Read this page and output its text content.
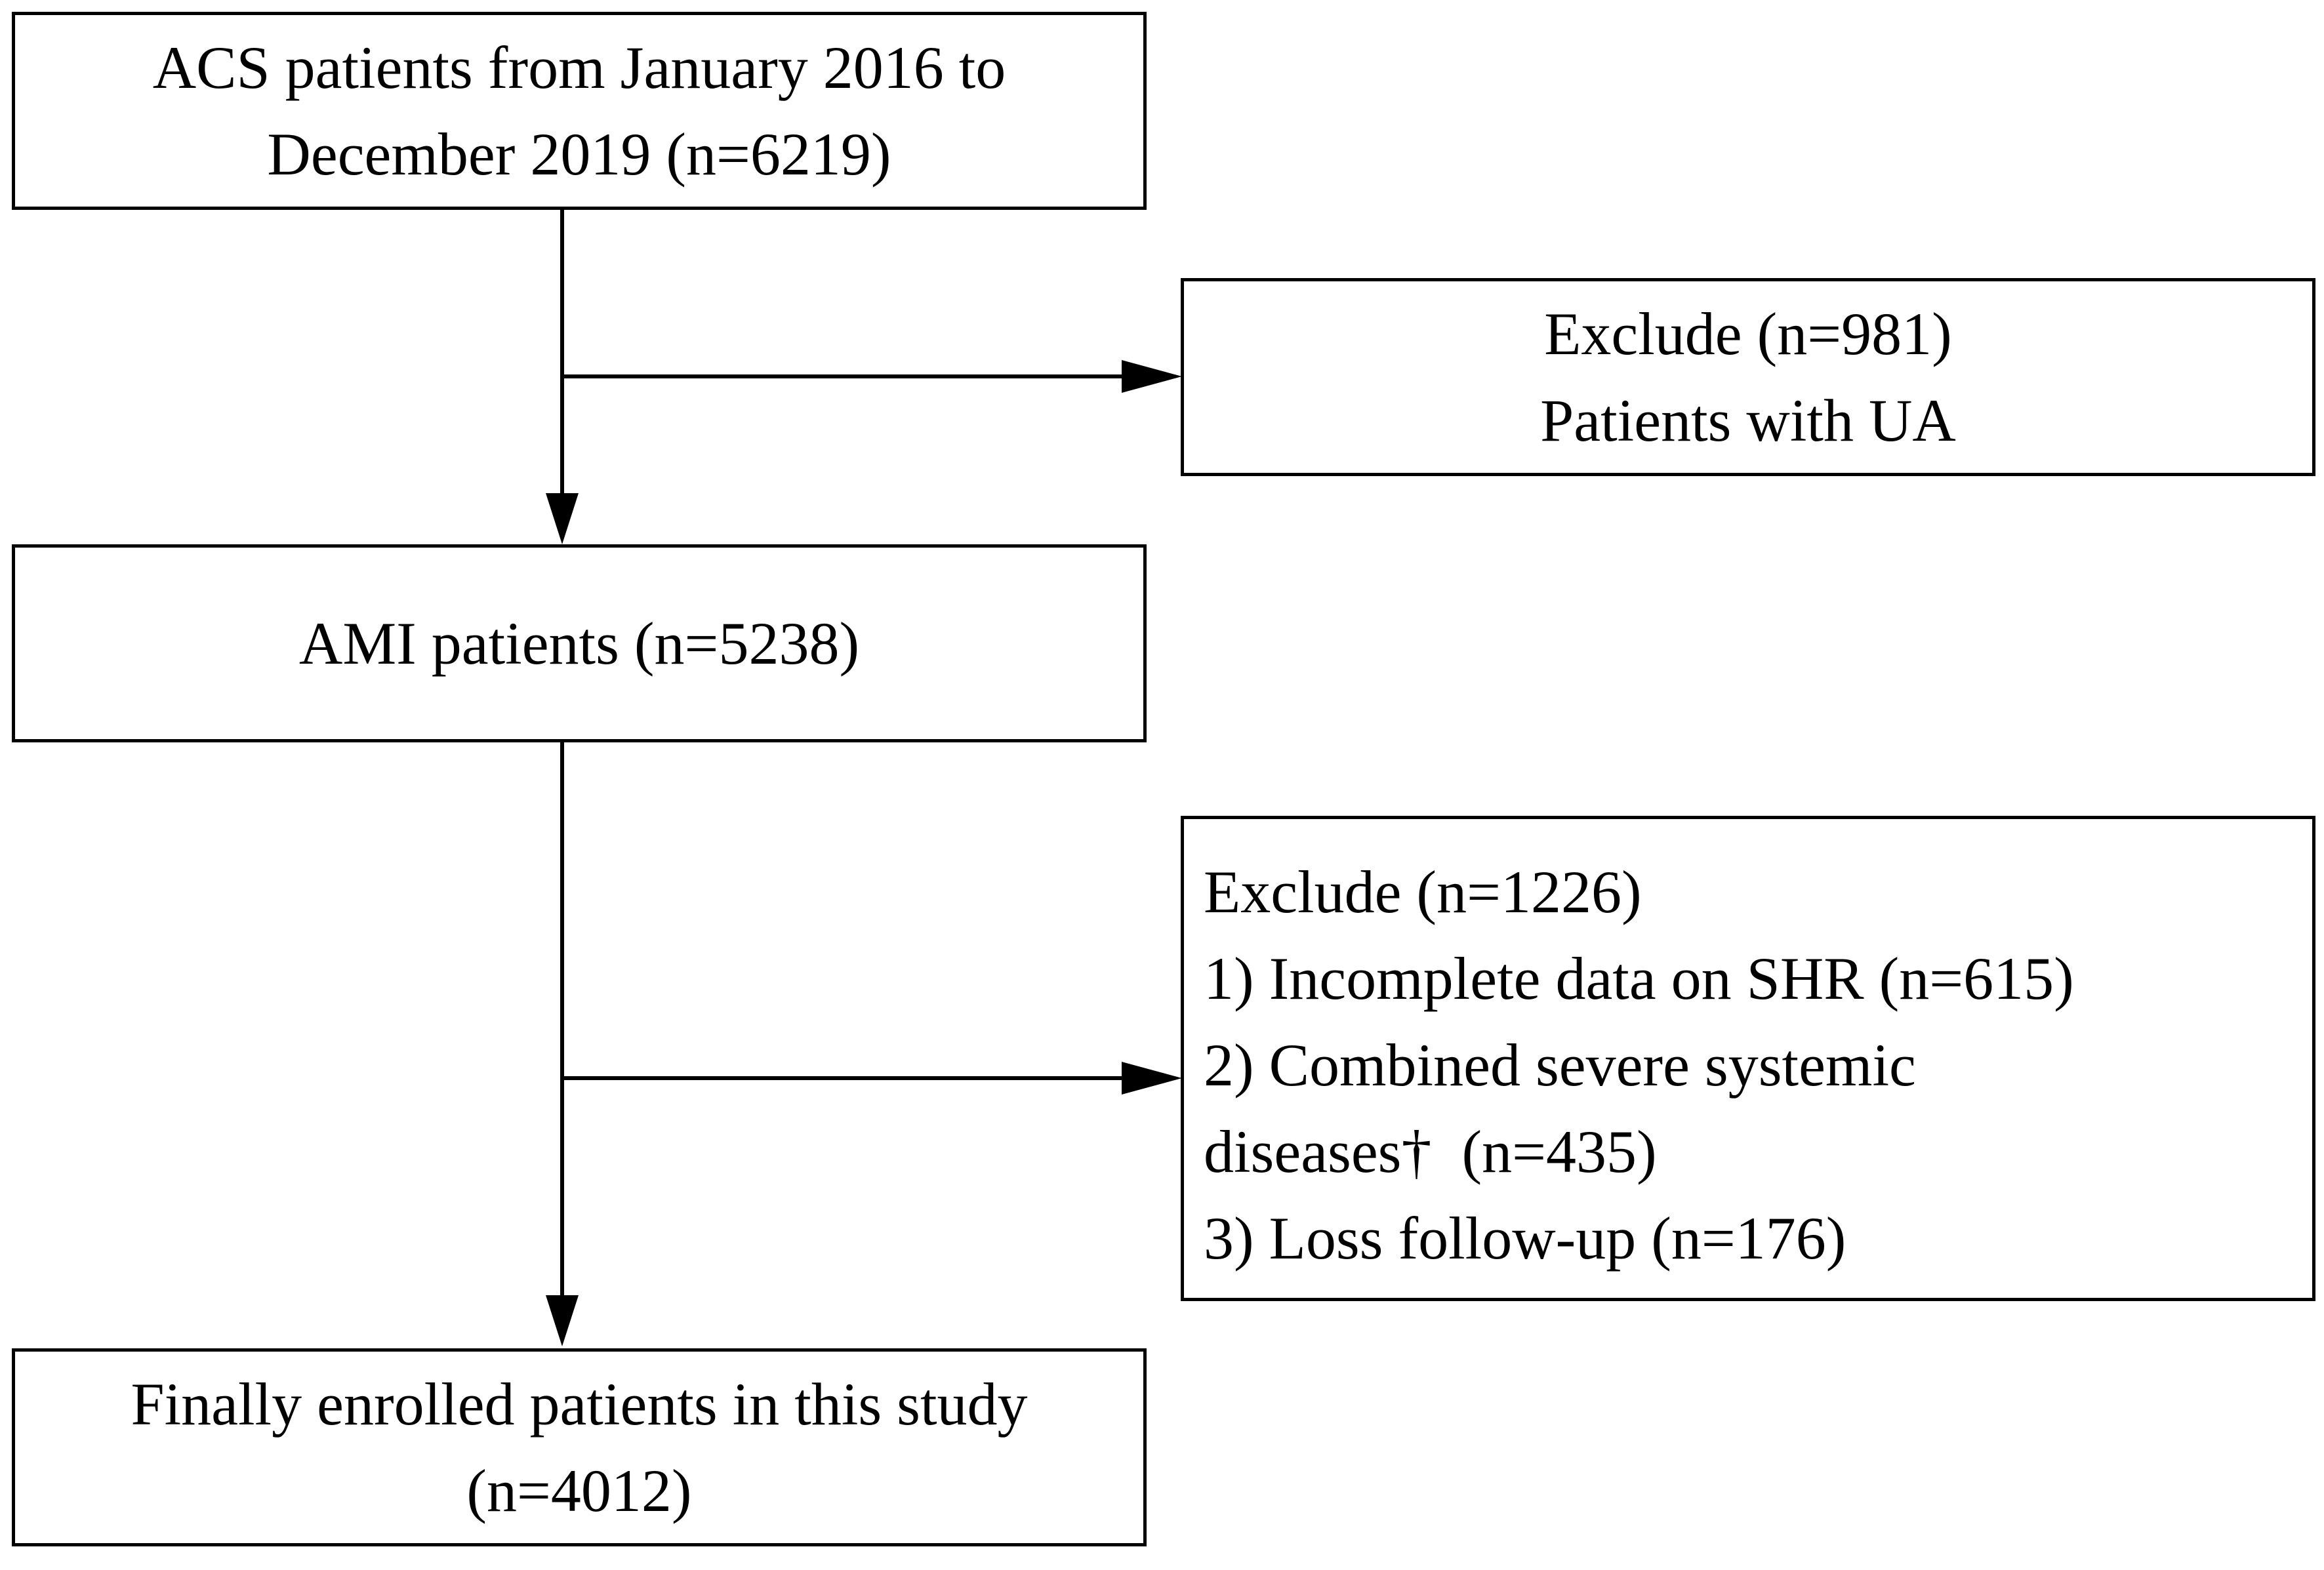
ACS patients from January 2016 to
December 2019 (n=6219)
Exclude (n=981)
Patients with UA
AMI patients (n=5238)
Exclude (n=1226)
1) Incomplete data on SHR (n=615)
2) Combined severe systemic
diseases†  (n=435)
3) Loss follow-up (n=176)
Finally enrolled patients in this study
(n=4012)
